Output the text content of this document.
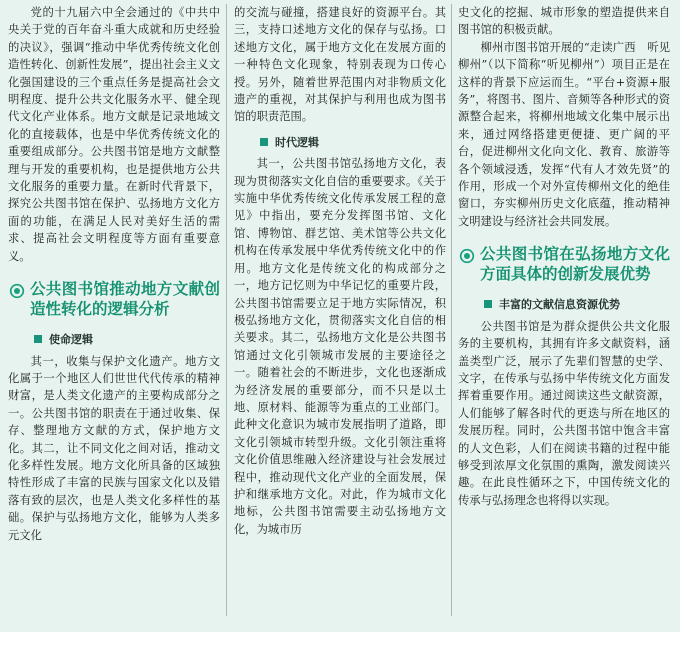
党的十九届六中全会通过的《中共中央关于党的百年奋斗重大成就和历史经验的决议》，强调“推动中华优秀传统文化创造性转化、创新性发展”，提出社会主义文化强国建设的三个重点任务是提高社会文明程度、提升公共文化服务水平、健全现代文化产业体系。地方文献是记录地域文化的直接载体，也是中华优秀传统文化的重要组成部分。公共图书馆是地方文献整理与开发的重要机构，也是提供地方公共文化服务的重要力量。在新时代背景下，探究公共图书馆在保护、弘扬地方文化方面的功能，在满足人民对美好生活的需求、提高社会文明程度等方面有重要意义。

公共图书馆推动地方文献创造性转化的逻辑分析
使命逻辑

其一，收集与保护文化遗产。地方文化属于一个地区人们世世代代传承的精神财富，是人类文化遗产的主要构成部分之一。公共图书馆的职责在于通过收集、保存、整理地方文献的方式，保护地方文化。其二，让不同文化之间对话，推动文化多样性发展。地方文化所具备的区域独特性形成了丰富的民族与国家文化以及错落有致的层次，也是人类文化多样性的基础。保护与弘扬地方文化，能够为人类多元文化

的交流与碰撞，搭建良好的资源平台。其三，支持口述地方文化的保存与弘扬。口述地方文化，属于地方文化在发展方面的一种特色文化现象，特别表现为口传心授。另外，随着世界范围内对非物质文化遗产的重视，对其保护与利用也成为图书馆的职责范围。

时代逻辑

其一，公共图书馆弘扬地方文化，表现为贯彻落实文化自信的重要要求。《关于实施中华优秀传统文化传承发展工程的意见》中指出，要充分发挥图书馆、文化馆、博物馆、群艺馆、美术馆等公共文化机构在传承发展中华优秀传统文化中的作用。地方文化是传统文化的构成部分之一，地方记忆则为中华记忆的重要片段，公共图书馆需要立足于地方实际情况，积极弘扬地方文化，贯彻落实文化自信的相关要求。其二，弘扬地方文化是公共图书馆通过文化引领城市发展的主要途径之一。随着社会的不断进步，文化也逐渐成为经济发展的重要部分，而不只是以土地、原材料、能源等为重点的工业部门。此种文化意识为城市发展指明了道路，即文化引领城市转型升级。文化引领注重将文化价值思维融入经济建设与社会发展过程中，推动现代文化产业的全面发展，保护和继承地方文化。对此，作为城市文化地标，公共图书馆需要主动弘扬地方文化，为城市历

史文化的挖掘、城市形象的塑造提供来自图书馆的积极贡献。

柳州市图书馆开展的“走读广西　听见柳州”（以下简称“听见柳州”）项目正是在这样的背景下应运而生。“平台+资源+服务”，将图书、图片、音频等各种形式的资源整合起来，将柳州地域文化集中展示出来，通过网络搭建更便捷、更广阔的平台，促进柳州文化向文化、教育、旅游等各个领域浸透，发挥“代有人才效先贤”的作用，形成一个对外宣传柳州文化的绝佳窗口，夯实柳州历史文化底蕴，推动精神文明建设与经济社会共同发展。

公共图书馆在弘扬地方文化方面具体的创新发展优势
丰富的文献信息资源优势

公共图书馆是为群众提供公共文化服务的主要机构，其拥有许多文献资料，涵盖类型广泛，展示了先辈们智慧的史学、文字，在传承与弘扬中华传统文化方面发挥着重要作用。通过阅读这些文献资源，人们能够了解各时代的更迭与所在地区的发展历程。同时，公共图书馆中饱含丰富的人文色彩，人们在阅读书籍的过程中能够受到浓厚文化氛围的熏陶，激发阅读兴趣。在此良性循环之下，中国传统文化的传承与弘扬理念也将得以实现。
